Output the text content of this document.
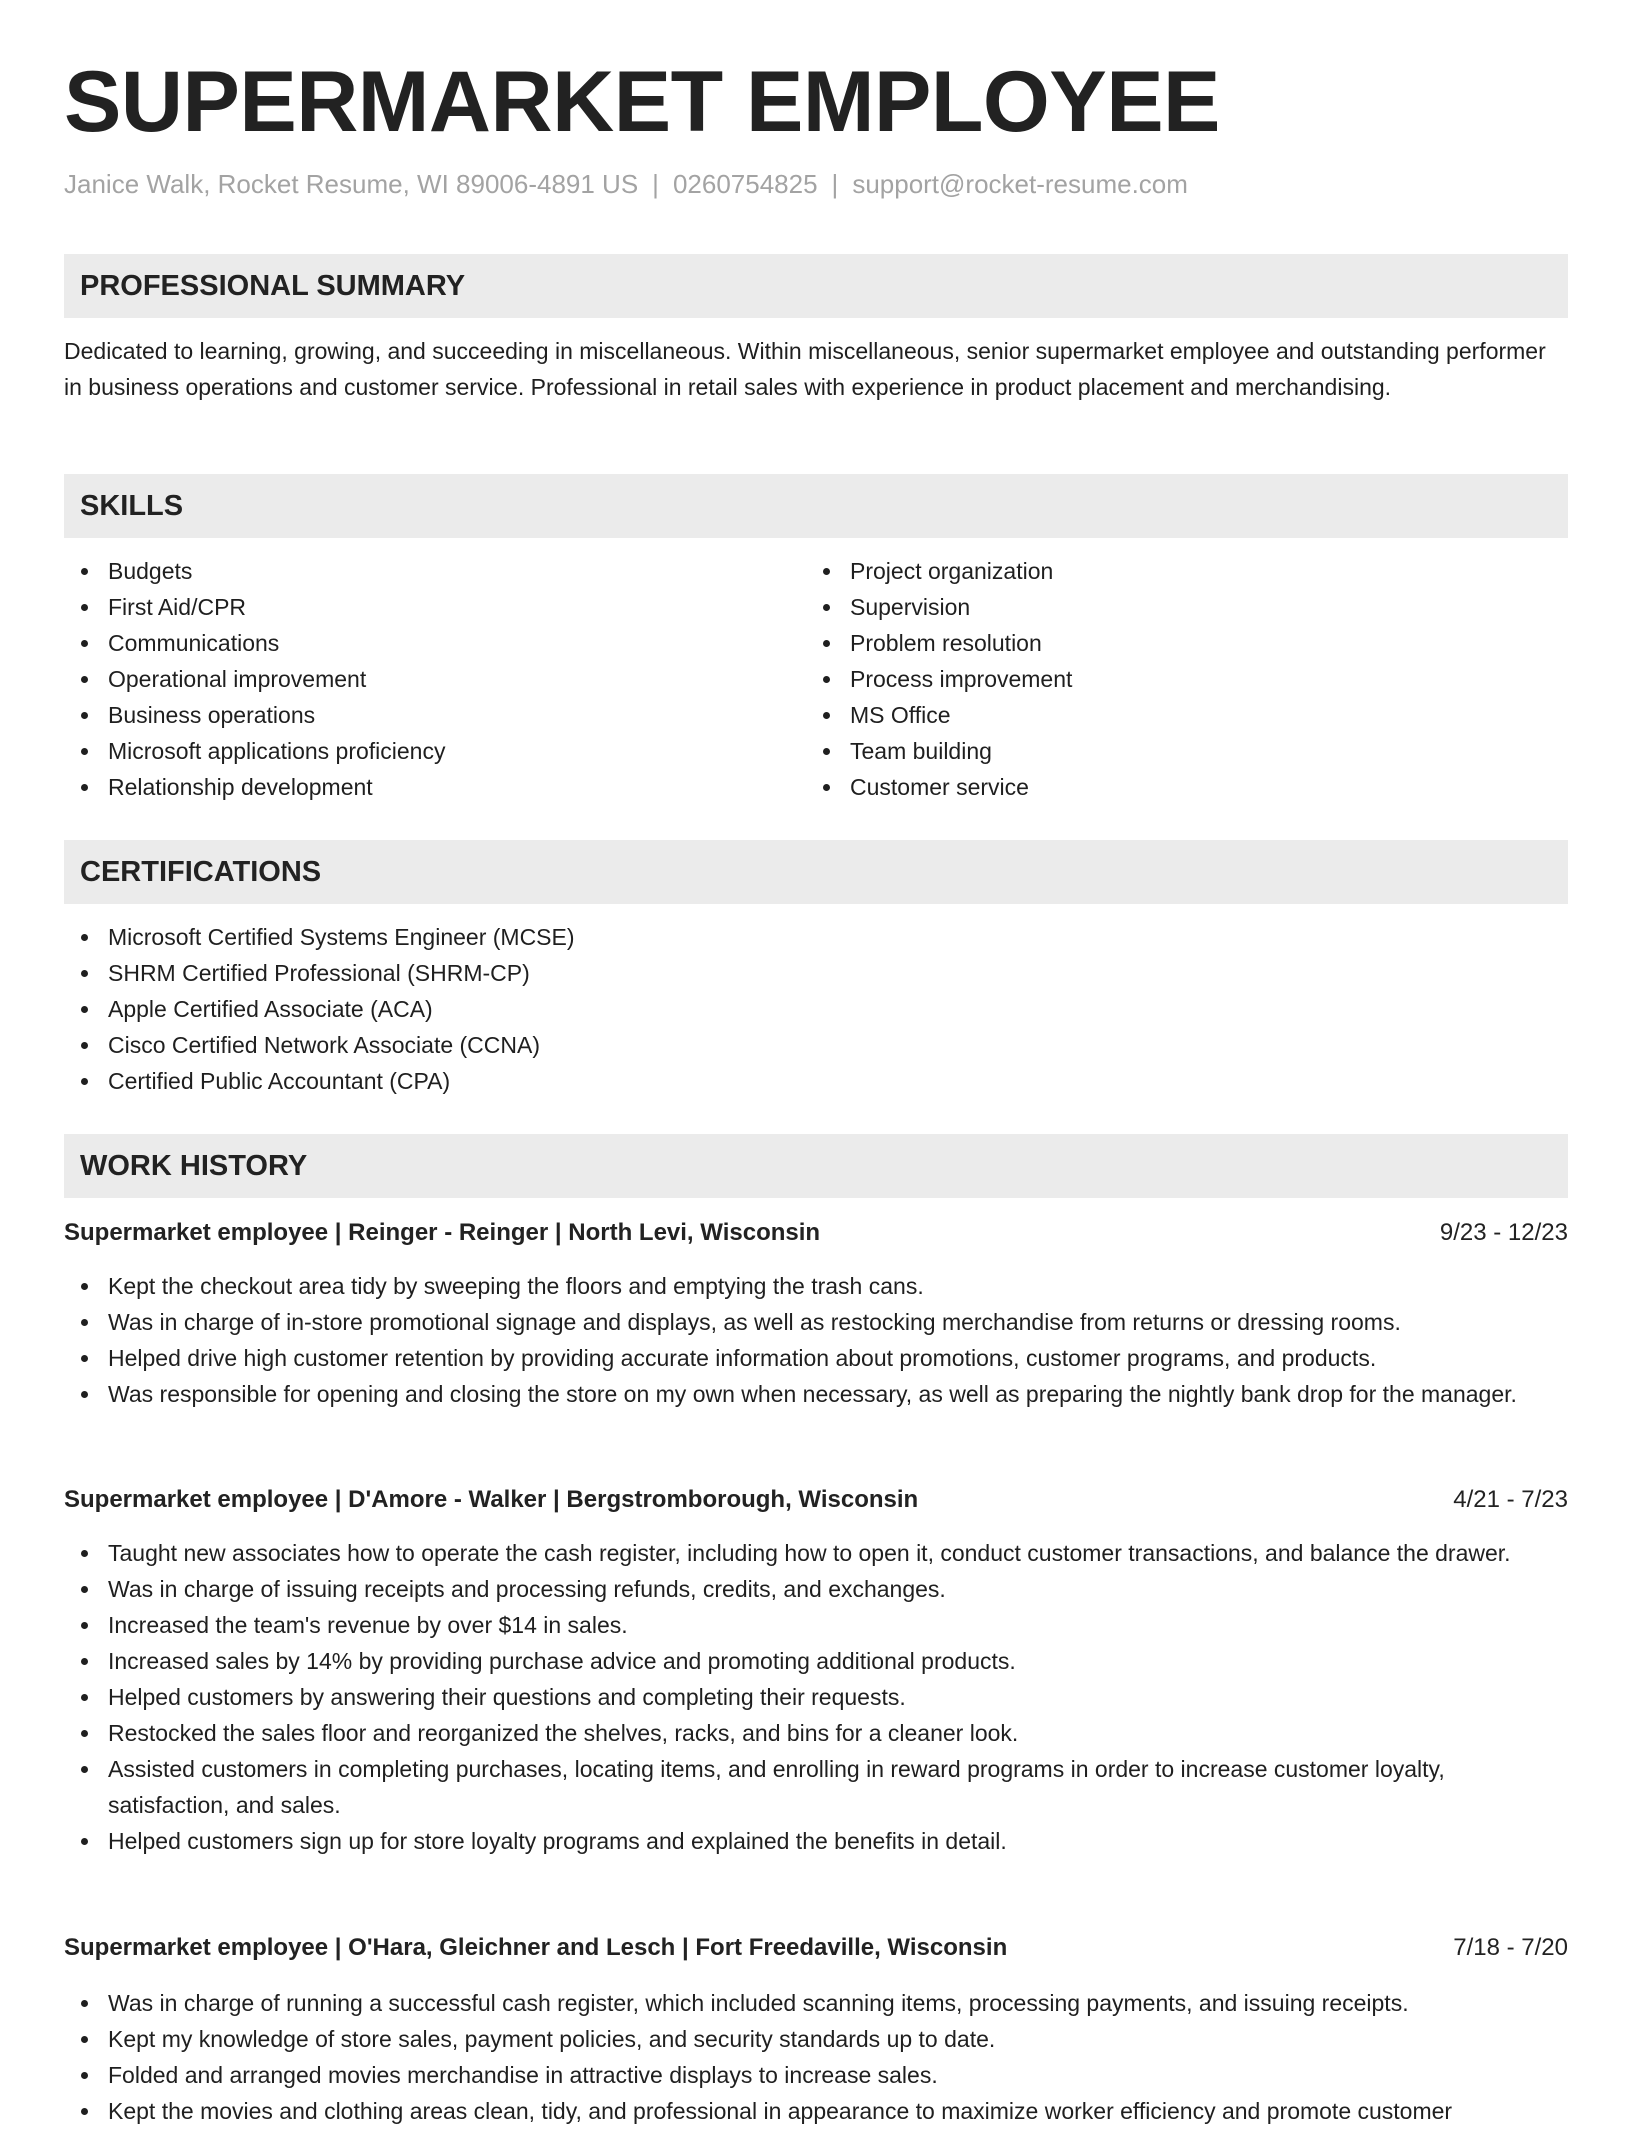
SUPERMARKET EMPLOYEE
Janice Walk, Rocket Resume, WI 89006-4891 US | 0260754825 | support@rocket-resume.com
PROFESSIONAL SUMMARY

Dedicated to learning, growing, and succeeding in miscellaneous. Within miscellaneous, senior supermarket employee and outstanding performer in business operations and customer service. Professional in retail sales with experience in product placement and merchandising.

SKILLS
Budgets
First Aid/CPR
Communications
Operational improvement
Business operations
Microsoft applications proficiency
Relationship development
Project organization
Supervision
Problem resolution
Process improvement
MS Office
Team building
Customer service
CERTIFICATIONS
Microsoft Certified Systems Engineer (MCSE)
SHRM Certified Professional (SHRM-CP)
Apple Certified Associate (ACA)
Cisco Certified Network Associate (CCNA)
Certified Public Accountant (CPA)
WORK HISTORY
Supermarket employee | Reinger - Reinger | North Levi, Wisconsin	9/23 - 12/23
Kept the checkout area tidy by sweeping the floors and emptying the trash cans.
Was in charge of in-store promotional signage and displays, as well as restocking merchandise from returns or dressing rooms.
Helped drive high customer retention by providing accurate information about promotions, customer programs, and products.
Was responsible for opening and closing the store on my own when necessary, as well as preparing the nightly bank drop for the manager.
Supermarket employee | D'Amore - Walker | Bergstromborough, Wisconsin	4/21 - 7/23
Taught new associates how to operate the cash register, including how to open it, conduct customer transactions, and balance the drawer.
Was in charge of issuing receipts and processing refunds, credits, and exchanges.
Increased the team's revenue by over $14 in sales.
Increased sales by 14% by providing purchase advice and promoting additional products.
Helped customers by answering their questions and completing their requests.
Restocked the sales floor and reorganized the shelves, racks, and bins for a cleaner look.
Assisted customers in completing purchases, locating items, and enrolling in reward programs in order to increase customer loyalty, satisfaction, and sales.
Helped customers sign up for store loyalty programs and explained the benefits in detail.
Supermarket employee | O'Hara, Gleichner and Lesch | Fort Freedaville, Wisconsin	7/18 - 7/20
Was in charge of running a successful cash register, which included scanning items, processing payments, and issuing receipts.
Kept my knowledge of store sales, payment policies, and security standards up to date.
Folded and arranged movies merchandise in attractive displays to increase sales.
Kept the movies and clothing areas clean, tidy, and professional in appearance to maximize worker efficiency and promote customer
